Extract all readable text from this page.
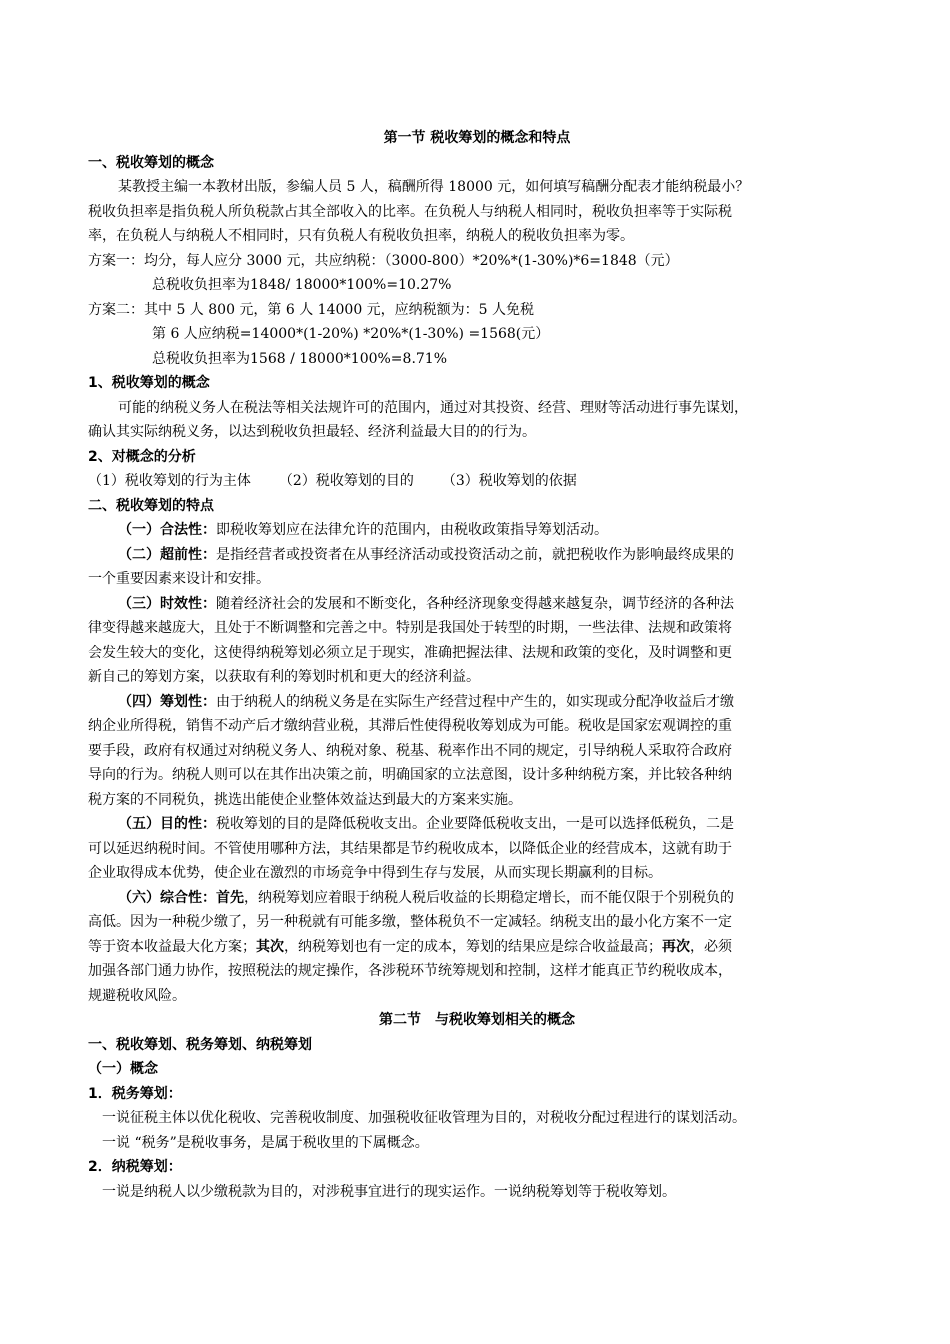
第一节 税收筹划的概念和特点
一、税收筹划的概念
某教授主编一本教材出版，参编人员 5 人，稿酬所得 18000 元，如何填写稿酬分配表才能纳税最小？
税收负担率是指负税人所负税款占其全部收入的比率。在负税人与纳税人相同时，税收负担率等于实际税
率，在负税人与纳税人不相同时，只有负税人有税收负担率，纳税人的税收负担率为零。
方案一：均分，每人应分 3000 元，共应纳税：（3000-800）*20%*(1-30%)*6=1848（元）
总税收负担率为1848/ 18000*100%=10.27%
方案二：其中 5 人 800 元，第 6 人 14000 元，应纳税额为：5 人免税
第 6 人应纳税=14000*(1-20%) *20%*(1-30%) =1568(元）
总税收负担率为1568 / 18000*100%=8.71%
1、税收筹划的概念
可能的纳税义务人在税法等相关法规许可的范围内，通过对其投资、经营、理财等活动进行事先谋划，
确认其实际纳税义务，以达到税收负担最轻、经济利益最大目的的行为。
2、对概念的分析
（1）税收筹划的行为主体 （2）税收筹划的目的 （3）税收筹划的依据
二、税收筹划的特点
（一）合法性：即税收筹划应在法律允许的范围内，由税收政策指导筹划活动。
（二）超前性：是指经营者或投资者在从事经济活动或投资活动之前，就把税收作为影响最终成果的
一个重要因素来设计和安排。
（三）时效性：随着经济社会的发展和不断变化，各种经济现象变得越来越复杂，调节经济的各种法
律变得越来越庞大，且处于不断调整和完善之中。特别是我国处于转型的时期，一些法律、法规和政策将
会发生较大的变化，这使得纳税筹划必须立足于现实，准确把握法律、法规和政策的变化，及时调整和更
新自己的筹划方案，以获取有利的筹划时机和更大的经济利益。
（四）筹划性：由于纳税人的纳税义务是在实际生产经营过程中产生的，如实现或分配净收益后才缴
纳企业所得税，销售不动产后才缴纳营业税，其滞后性使得税收筹划成为可能。税收是国家宏观调控的重
要手段，政府有权通过对纳税义务人、纳税对象、税基、税率作出不同的规定，引导纳税人采取符合政府
导向的行为。纳税人则可以在其作出决策之前，明确国家的立法意图，设计多种纳税方案，并比较各种纳
税方案的不同税负，挑选出能使企业整体效益达到最大的方案来实施。
（五）目的性：税收筹划的目的是降低税收支出。企业要降低税收支出，一是可以选择低税负，二是
可以延迟纳税时间。不管使用哪种方法，其结果都是节约税收成本，以降低企业的经营成本，这就有助于
企业取得成本优势，使企业在激烈的市场竞争中得到生存与发展，从而实现长期赢利的目标。
（六）综合性：首先，纳税筹划应着眼于纳税人税后收益的长期稳定增长，而不能仅限于个别税负的
高低。因为一种税少缴了，另一种税就有可能多缴，整体税负不一定减轻。纳税支出的最小化方案不一定
等于资本收益最大化方案；其次，纳税筹划也有一定的成本，筹划的结果应是综合收益最高；再次，必须
加强各部门通力协作，按照税法的规定操作，各涉税环节统筹规划和控制，这样才能真正节约税收成本，
规避税收风险。
第二节　与税收筹划相关的概念
一、税收筹划、税务筹划、纳税筹划
（一）概念
1．税务筹划：
一说征税主体以优化税收、完善税收制度、加强税收征收管理为目的，对税收分配过程进行的谋划活动。
一说 “税务”是税收事务，是属于税收里的下属概念。
2．纳税筹划：
一说是纳税人以少缴税款为目的，对涉税事宜进行的现实运作。一说纳税筹划等于税收筹划。
